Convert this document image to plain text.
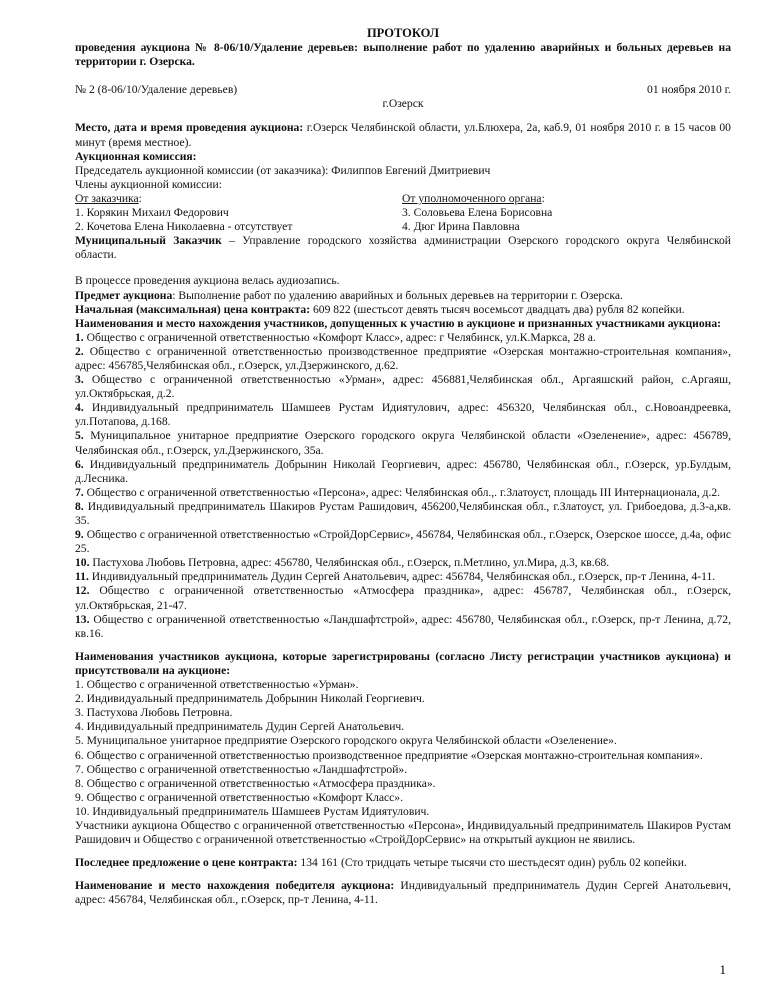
ПРОТОКОЛ
проведения аукциона № 8-06/10/Удаление деревьев: выполнение работ по удалению аварийных и больных деревьев на территории г. Озерска.
№ 2 (8-06/10/Удаление деревьев)	01 ноября 2010 г.
г.Озерск

Место, дата и время проведения аукциона: г.Озерск Челябинской области, ул.Блюхера, 2а, каб.9, 01 ноября 2010 г. в 15 часов 00 минут (время местное).

Аукционная комиссия:

Председатель аукционной комиссии (от заказчика): Филиппов Евгений Дмитриевич

Члены аукционной комиссии:

От заказчика:
1. Корякин Михаил Федорович
2. Кочетова Елена Николаевна - отсутствует
От уполномоченного органа:
3. Соловьева Елена Борисовна
4. Дюг Ирина Павловна

Муниципальный Заказчик – Управление городского хозяйства администрации Озерского городского округа Челябинской области.

В процессе проведения аукциона велась аудиозапись.

Предмет аукциона: Выполнение работ по удалению аварийных и больных деревьев на территории г. Озерска.

Начальная (максимальная) цена контракта: 609 822 (шестьсот девять тысяч восемьсот двадцать два) рубля 82 копейки.

Наименования и место нахождения участников, допущенных к участию в аукционе и признанных участниками аукциона:

1. Общество с ограниченной ответственностью «Комфорт Класс», адрес: г Челябинск, ул.К.Маркса, 28 а.

2. Общество с ограниченной ответственностью производственное предприятие «Озерская монтажно-строительная компания», адрес: 456785,Челябинская обл., г.Озерск, ул.Дзержинского, д.62.

3. Общество с ограниченной ответственностью «Урман», адрес: 456881,Челябинская обл., Аргаяшский район, с.Аргаяш, ул.Октябрьская, д.2.

4. Индивидуальный предприниматель Шамшеев Рустам Идиятулович, адрес: 456320, Челябинская обл., с.Новоандреевка, ул.Потапова, д.168.

5. Муниципальное унитарное предприятие Озерского городского округа Челябинской области «Озеленение», адрес: 456789, Челябинская обл., г.Озерск, ул.Дзержинского, 35а.

6. Индивидуальный предприниматель Добрынин Николай Георгиевич, адрес: 456780, Челябинская обл., г.Озерск, ур.Булдым, д.Лесника.

7. Общество с ограниченной ответственностью «Персона», адрес: Челябинская обл.,. г.Златоуст, площадь III Интернационала, д.2.

8. Индивидуальный предприниматель Шакиров Рустам Рашидович, 456200,Челябинская обл., г.Златоуст, ул. Грибоедова, д.3-а,кв. 35.

9. Общество с ограниченной ответственностью «СтройДорСервис», 456784, Челябинская обл., г.Озерск, Озерское шоссе, д.4а, офис 25.

10. Пастухова Любовь Петровна, адрес: 456780, Челябинская обл., г.Озерск, п.Метлино, ул.Мира, д.3, кв.68.

11. Индивидуальный предприниматель Дудин Сергей Анатольевич, адрес: 456784, Челябинская обл., г.Озерск, пр-т Ленина, 4-11.

12. Общество с ограниченной ответственностью «Атмосфера праздника», адрес: 456787, Челябинская обл., г.Озерск, ул.Октябрьская, 21-47.

13. Общество с ограниченной ответственностью «Ландшафтстрой», адрес: 456780, Челябинская обл., г.Озерск, пр-т Ленина, д.72, кв.16.

Наименования участников аукциона, которые зарегистрированы (согласно Листу регистрации участников аукциона) и присутствовали на аукционе:

1. Общество с ограниченной ответственностью «Урман».

2. Индивидуальный предприниматель Добрынин Николай Георгиевич.

3. Пастухова Любовь Петровна.

4. Индивидуальный предприниматель Дудин Сергей Анатольевич.

5. Муниципальное унитарное предприятие Озерского городского округа Челябинской области «Озеленение».

6. Общество с ограниченной ответственностью производственное предприятие «Озерская монтажно-строительная компания».

7. Общество с ограниченной ответственностью «Ландшафтстрой».

8. Общество с ограниченной ответственностью «Атмосфера праздника».

9. Общество с ограниченной ответственностью «Комфорт Класс».

10. Индивидуальный предприниматель Шамшеев Рустам Идиятулович.

Участники аукциона Общество с ограниченной ответственностью «Персона», Индивидуальный предприниматель Шакиров Рустам Рашидович и Общество с ограниченной ответственностью «СтройДорСервис» на открытый аукцион не явились.

Последнее предложение о цене контракта: 134 161 (Сто тридцать четыре тысячи сто шестьдесят один) рубль 02 копейки.

Наименование и место нахождения победителя аукциона: Индивидуальный предприниматель Дудин Сергей Анатольевич, адрес: 456784, Челябинская обл., г.Озерск, пр-т Ленина, 4-11.

1
